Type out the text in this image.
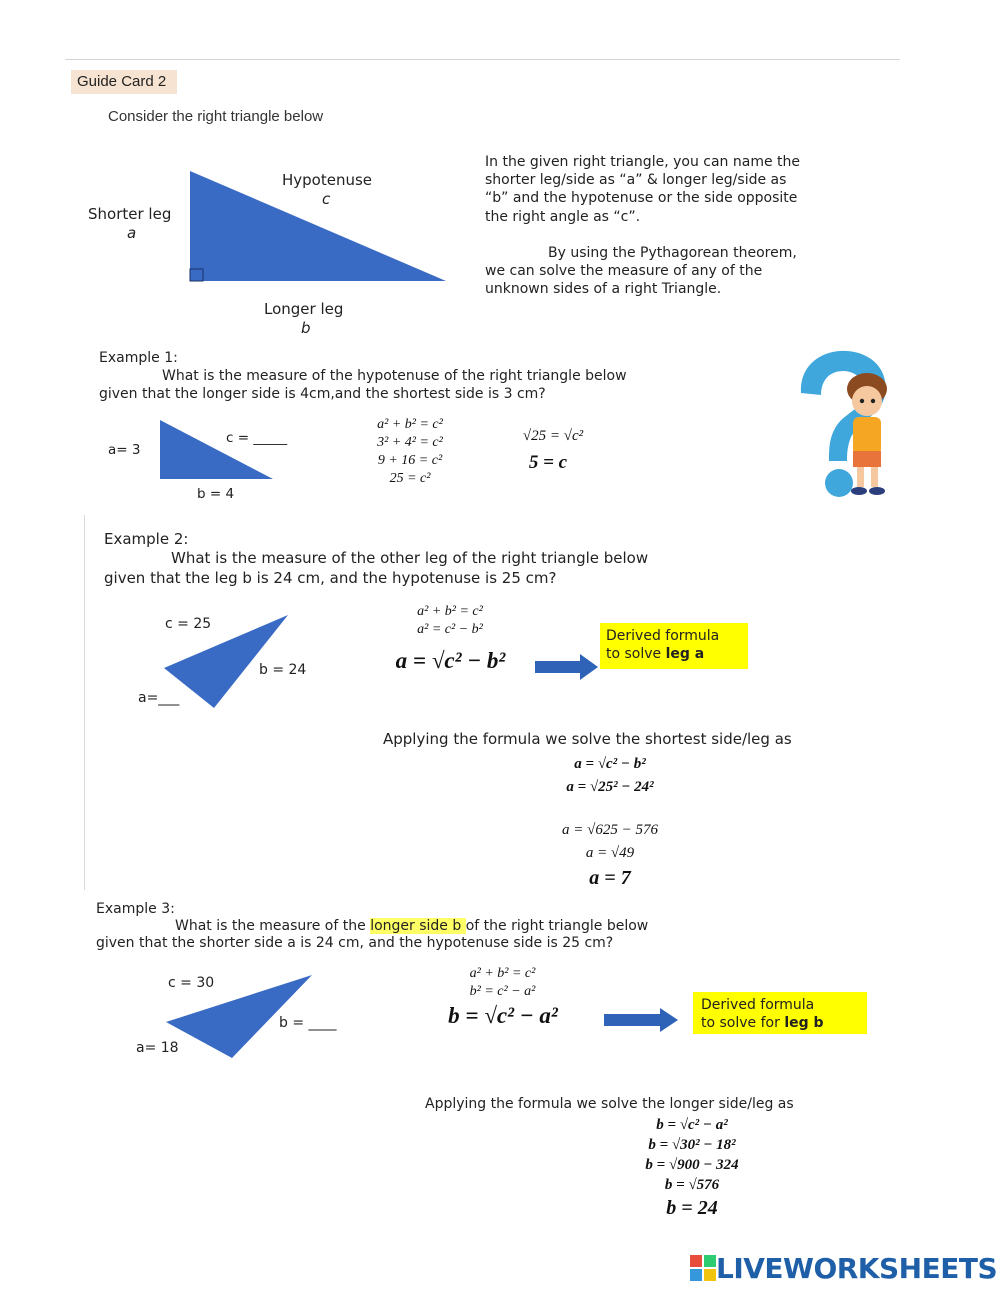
Guide Card 2
Consider the right triangle below
Hypotenuse
c
Shorter leg
a
Longer leg
b
In the given right triangle, you can name the
shorter leg/side as “a” & longer leg/side as
“b” and the hypotenuse or the side opposite
the right angle as “c”.
By using the Pythagorean theorem,
we can solve the measure of any of the
unknown sides of a right Triangle.
Example 1:
What is the measure of the hypotenuse of the right triangle below
given that the longer side is 4cm,and the shortest side is 3 cm?
a= 3
c = _____
b = 4
a² + b² = c²
3² + 4² = c²
9 + 16 = c²
25 = c²
√25 = √c²
5 = c
Example 2:
What is the measure of the other leg of the right triangle below
given that the leg b is 24 cm, and the hypotenuse is 25 cm?
c = 25
b = 24
a=___
a² + b² = c²
a² = c² − b²
a = √c² − b²
Derived formula
to solve leg a
Applying the formula we solve the shortest side/leg as
a = √c² − b²
a = √25² − 24²
a = √625 − 576
a = √49
a = 7
Example 3:
What is the measure of the longer side b of the right triangle below
given that the shorter side a is 24 cm, and the hypotenuse side is 25 cm?
c = 30
b = ____
a= 18
a² + b² = c²
b² = c² − a²
b = √c² − a²	Derived formula
to solve for leg b
Applying the formula we solve the longer side/leg as
b = √c² − a²
b = √30² − 18²
b = √900 − 324
b = √576
b = 24
LIVEWORKSHEETS
